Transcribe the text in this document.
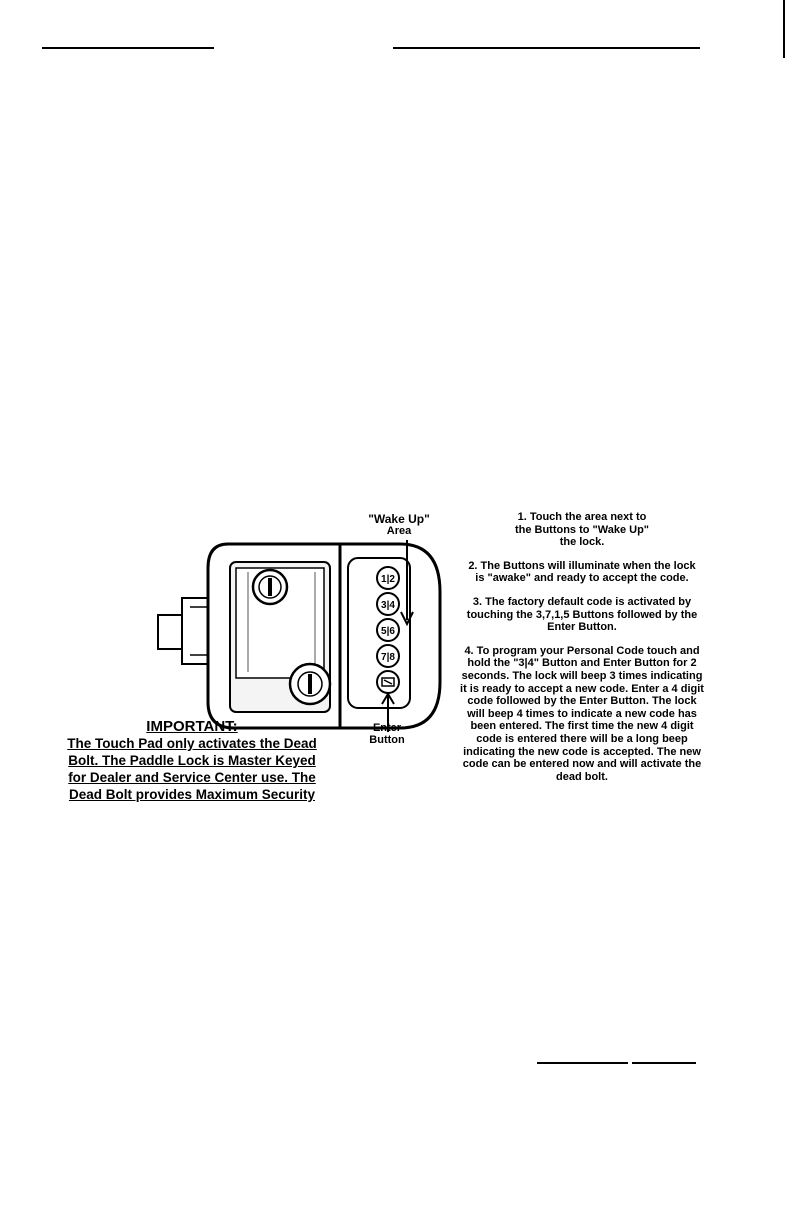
1|2
3|4
5|6
7|8
"Wake Up"
Area
Enter
Button
IMPORTANT:
The Touch Pad only activates the Dead
Bolt. The Paddle Lock is Master Keyed
for Dealer and Service Center use. The
Dead Bolt provides Maximum Security
1. Touch the area next to
the Buttons to "Wake Up"
the lock.
2. The Buttons will illuminate when the lock
is "awake" and ready to accept the code.
3. The factory default code is activated by
touching the 3,7,1,5 Buttons followed by the
Enter Button.
4. To program your Personal Code touch and
hold the "3|4" Button and Enter Button for 2
seconds. The lock will beep 3 times indicating
it is ready to accept a new code. Enter a 4 digit
code followed by the Enter Button. The lock
will beep 4 times to indicate a new code has
been entered. The first time the new 4 digit
code is entered there will be a long beep
indicating the new code is accepted. The new
code can be entered now and will activate the
dead bolt.
